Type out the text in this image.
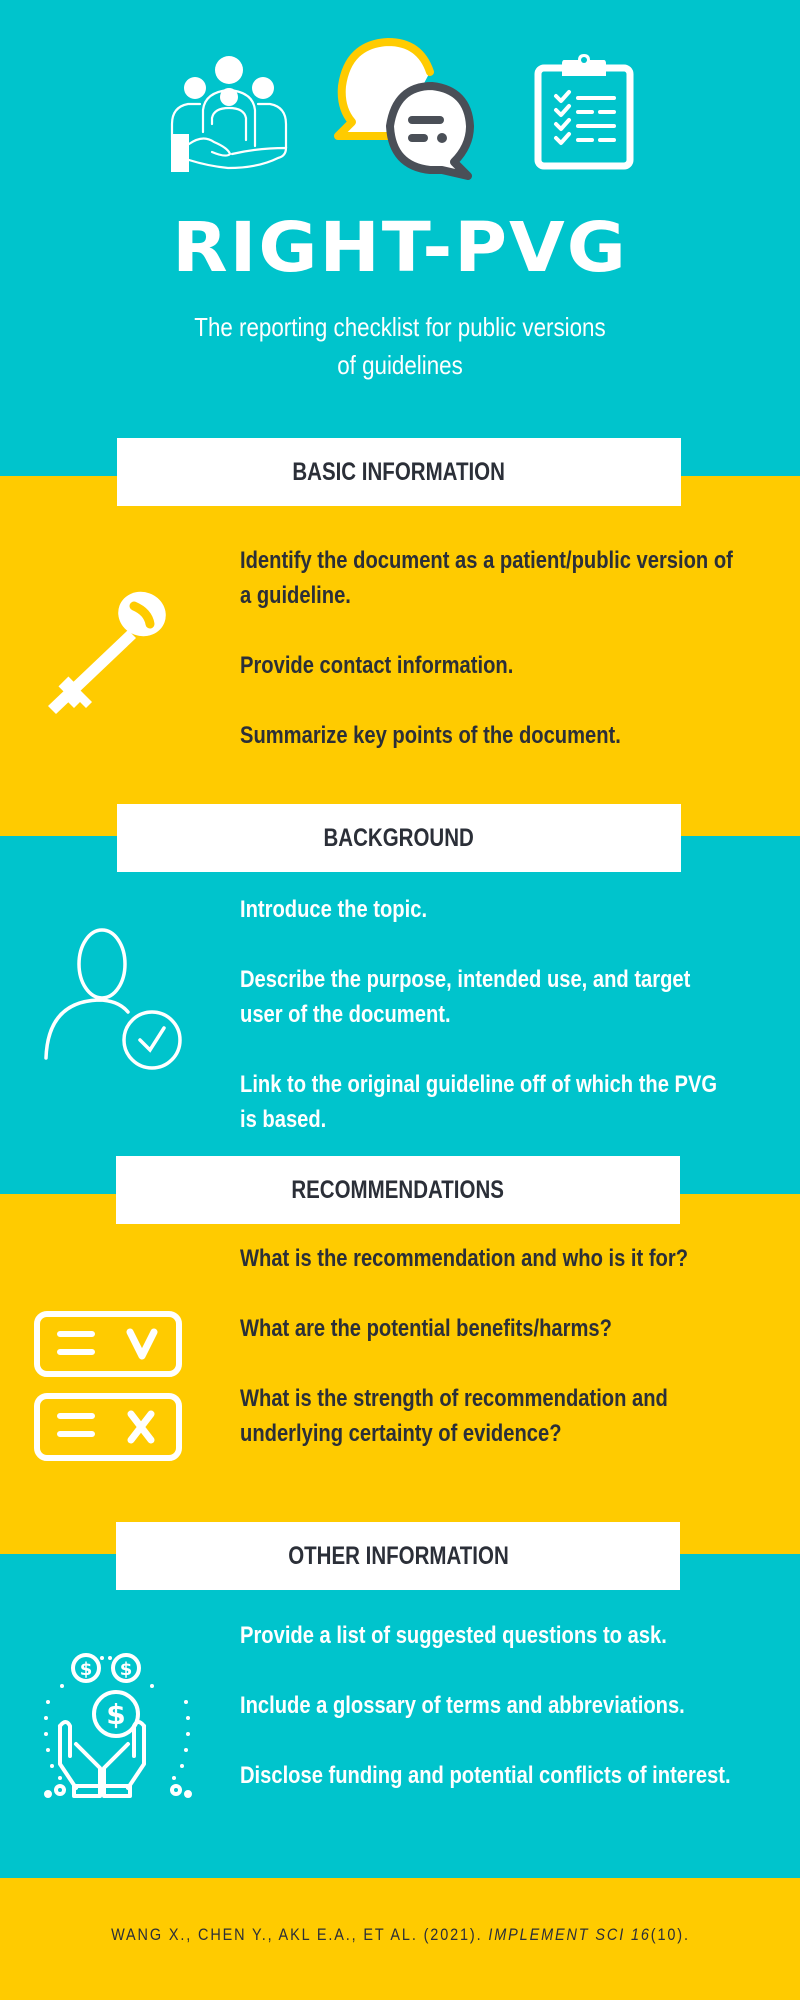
RIGHT-PVG
The reporting checklist for public versions of guidelines
BASIC INFORMATION
Identify the document as a patient/public version of a guideline.
Provide contact information.
Summarize key points of the document.
BACKGROUND
Introduce the topic.
Describe the purpose, intended use, and target user of the document.
Link to the original guideline off of which the PVG is based.
RECOMMENDATIONS
What is the recommendation and who is it for?
What are the potential benefits/harms?
What is the strength of recommendation and underlying certainty of evidence?
OTHER INFORMATION
$ $
$
Provide a list of suggested questions to ask.
Include a glossary of terms and abbreviations.
Disclose funding and potential conflicts of interest.
WANG X., CHEN Y., AKL E.A., ET AL. (2021). IMPLEMENT SCI 16(10).
